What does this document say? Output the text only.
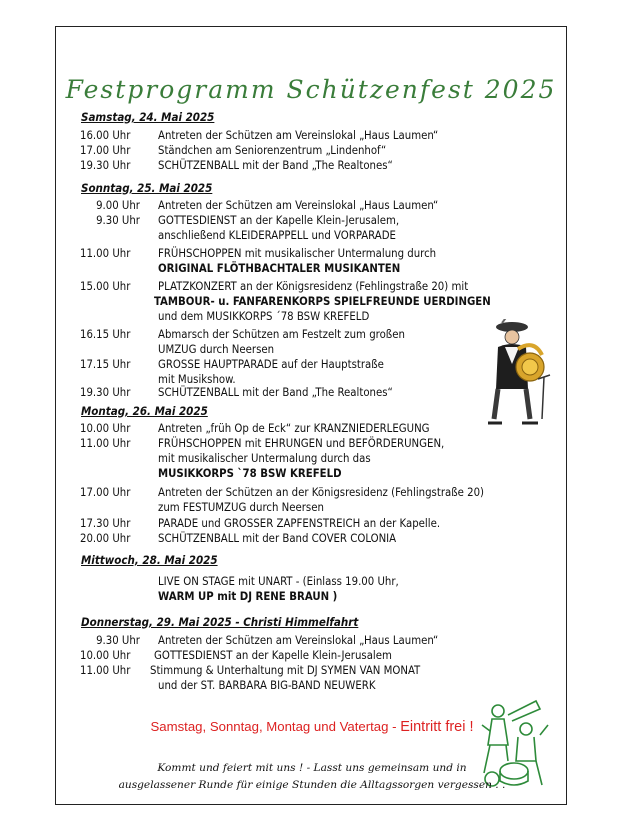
Festprogramm Schützenfest 2025
Samstag, 24. Mai 2025
16.00 Uhr	Antreten der Schützen am Vereinslokal „Haus Laumen“
17.00 Uhr	Ständchen am Seniorenzentrum „Lindenhof“
19.30 Uhr	SCHÜTZENBALL mit der Band „The Realtones“
Sonntag, 25. Mai 2025
9.00 Uhr Antreten der Schützen am Vereinslokal „Haus Laumen“
9.30 Uhr GOTTESDIENST an der Kapelle Klein-Jerusalem,
anschließend KLEIDERAPPELL und VORPARADE
11.00 Uhr	FRÜHSCHOPPEN mit musikalischer Untermalung durch
ORIGINAL FLÖTHBACHTALER MUSIKANTEN
15.00 Uhr	PLATZKONZERT an der Königsresidenz (Fehlingstraße 20) mit
TAMBOUR- u. FANFARENKORPS SPIELFREUNDE UERDINGEN
und dem MUSIKKORPS ´78 BSW KREFELD
16.15 Uhr	Abmarsch der Schützen am Festzelt zum großen
UMZUG durch Neersen
17.15 Uhr	GROSSE HAUPTPARADE auf der Hauptstraße
mit Musikshow.
19.30 Uhr	SCHÜTZENBALL mit der Band „The Realtones“
Montag, 26. Mai 2025
10.00 Uhr	Antreten „früh Op de Eck“ zur KRANZNIEDERLEGUNG
11.00 Uhr	FRÜHSCHOPPEN mit EHRUNGEN und BEFÖRDERUNGEN,
mit musikalischer Untermalung durch das
MUSIKKORPS `78 BSW KREFELD
17.00 Uhr	Antreten der Schützen an der Königsresidenz (Fehlingstraße 20)
zum FESTUMZUG durch Neersen
17.30 Uhr	PARADE und GROSSER ZAPFENSTREICH an der Kapelle.
20.00 Uhr	SCHÜTZENBALL mit der Band COVER COLONIA
Mittwoch, 28. Mai 2025
LIVE ON STAGE mit UNART - (Einlass 19.00 Uhr,
WARM UP mit DJ RENE BRAUN )
Donnerstag, 29. Mai 2025 - Christi Himmelfahrt
9.30 Uhr Antreten der Schützen am Vereinslokal „Haus Laumen“
10.00 Uhr	GOTTESDIENST an der Kapelle Klein-Jerusalem
11.00 Uhr	Stimmung & Unterhaltung mit DJ SYMEN VAN MONAT
und der ST. BARBARA BIG-BAND NEUWERK
Samstag, Sonntag, Montag und Vatertag - Eintritt frei !
Kommt und feiert mit uns ! - Lasst uns gemeinsam und in
ausgelassener Runde für einige Stunden die Alltagssorgen vergessen . .
